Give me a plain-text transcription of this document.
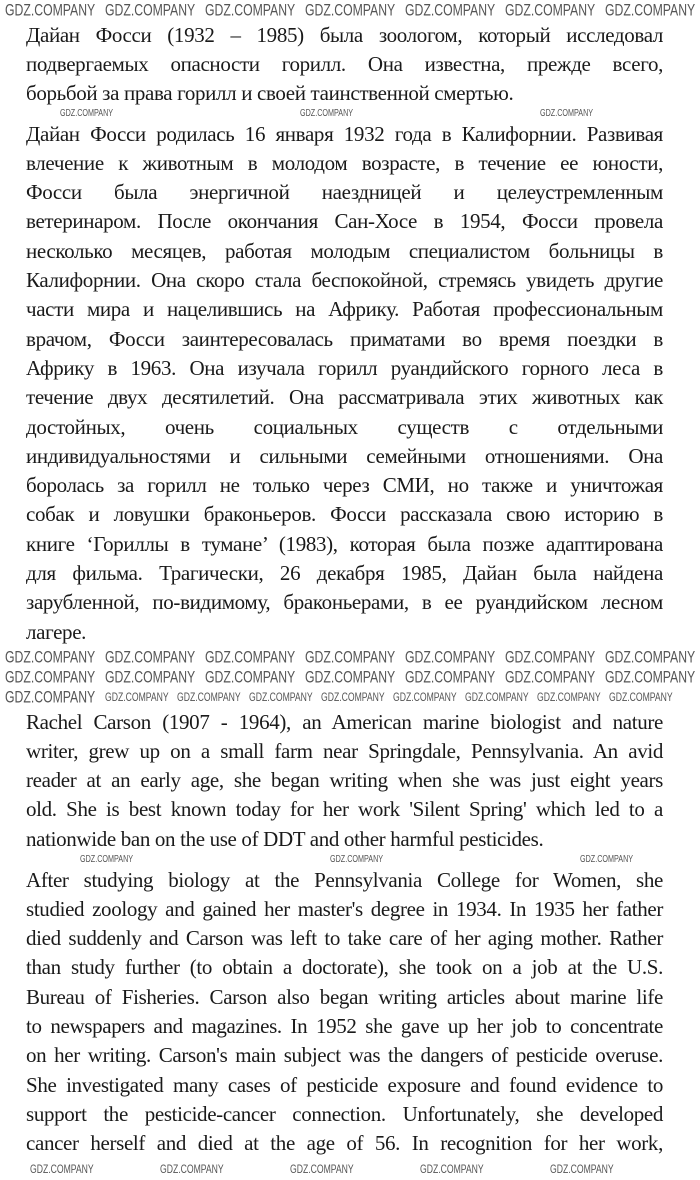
Дайан Фосси (1932 – 1985) была зоологом, который исследовал
подвергаемых опасности горилл. Она известна, прежде всего,
борьбой за права горилл и своей таинственной смертью.
Дайан Фосси родилась 16 января 1932 года в Калифорнии. Развивая
влечение к животным в молодом возрасте, в течение ее юности,
Фосси была энергичной наездницей и целеустремленным
ветеринаром. После окончания Сан-Хосе в 1954, Фосси провела
несколько месяцев, работая молодым специалистом больницы в
Калифорнии. Она скоро стала беспокойной, стремясь увидеть другие
части мира и нацелившись на Африку. Работая профессиональным
врачом, Фосси заинтересовалась приматами во время поездки в
Африку в 1963. Она изучала горилл руандийского горного леса в
течение двух десятилетий. Она рассматривала этих животных как
достойных, очень социальных существ с отдельными
индивидуальностями и сильными семейными отношениями. Она
боролась за горилл не только через СМИ, но также и уничтожая
собак и ловушки браконьеров. Фосси рассказала свою историю в
книге ‘Гориллы в тумане’ (1983), которая была позже адаптирована
для фильма. Трагически, 26 декабря 1985, Дайан была найдена
зарубленной, по-видимому, браконьерами, в ее руандийском лесном
лагере.
Rachel Carson (1907 - 1964), an American marine biologist and nature
writer, grew up on a small farm near Springdale, Pennsylvania. An avid
reader at an early age, she began writing when she was just eight years
old. She is best known today for her work 'Silent Spring' which led to a
nationwide ban on the use of DDT and other harmful pesticides.
After studying biology at the Pennsylvania College for Women, she
studied zoology and gained her master's degree in 1934. In 1935 her father
died suddenly and Carson was left to take care of her aging mother. Rather
than study further (to obtain a doctorate), she took on a job at the U.S.
Bureau of Fisheries. Carson also began writing articles about marine life
to newspapers and magazines. In 1952 she gave up her job to concentrate
on her writing. Carson's main subject was the dangers of pesticide overuse.
She investigated many cases of pesticide exposure and found evidence to
support the pesticide-cancer connection. Unfortunately, she developed
cancer herself and died at the age of 56. In recognition for her work,
GDZ.COMPANY GDZ.COMPANY GDZ.COMPANY GDZ.COMPANY GDZ.COMPANY GDZ.COMPANY GDZ.COMPANY
GDZ.COMPANY	GDZ.COMPANY	GDZ.COMPANY
GDZ.COMPANY GDZ.COMPANY GDZ.COMPANY GDZ.COMPANY GDZ.COMPANY GDZ.COMPANY GDZ.COMPANY
GDZ.COMPANY GDZ.COMPANY GDZ.COMPANY GDZ.COMPANY GDZ.COMPANY GDZ.COMPANY GDZ.COMPANY
GDZ.COMPANY GDZ.COMPANY GDZ.COMPANY GDZ.COMPANY GDZ.COMPANY GDZ.COMPANY GDZ.COMPANY GDZ.COMPANY GDZ.COMPANY
GDZ.COMPANY	GDZ.COMPANY	GDZ.COMPANY
GDZ.COMPANY	GDZ.COMPANY	GDZ.COMPANY	GDZ.COMPANY	GDZ.COMPANY
